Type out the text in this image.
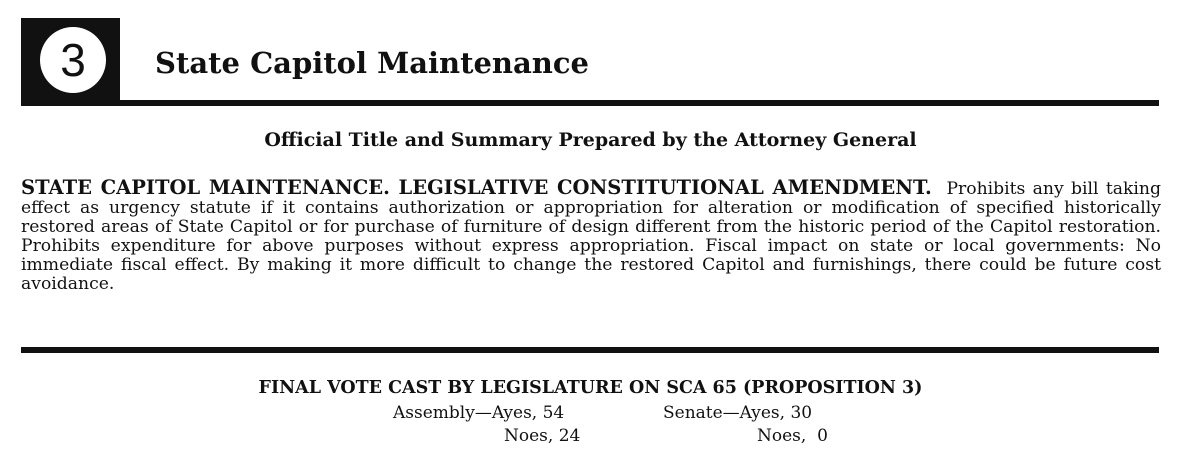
3	State Capitol Maintenance
Official Title and Summary Prepared by the Attorney General
STATE CAPITOL MAINTENANCE. LEGISLATIVE CONSTITUTIONAL AMENDMENT. Prohibits any bill taking effect as urgency statute if it contains authorization or appropriation for alteration or modification of specified historically restored areas of State Capitol or for purchase of furniture of design different from the historic period of the Capitol restoration. Prohibits expenditure for above purposes without express appropriation. Fiscal impact on state or local governments: No immediate fiscal effect. By making it more difficult to change the restored Capitol and furnishings, there could be future cost avoidance.
FINAL VOTE CAST BY LEGISLATURE ON SCA 65 (PROPOSITION 3)
Assembly—Ayes, 54
Noes, 24
Senate—Ayes, 30
Noes,  0
